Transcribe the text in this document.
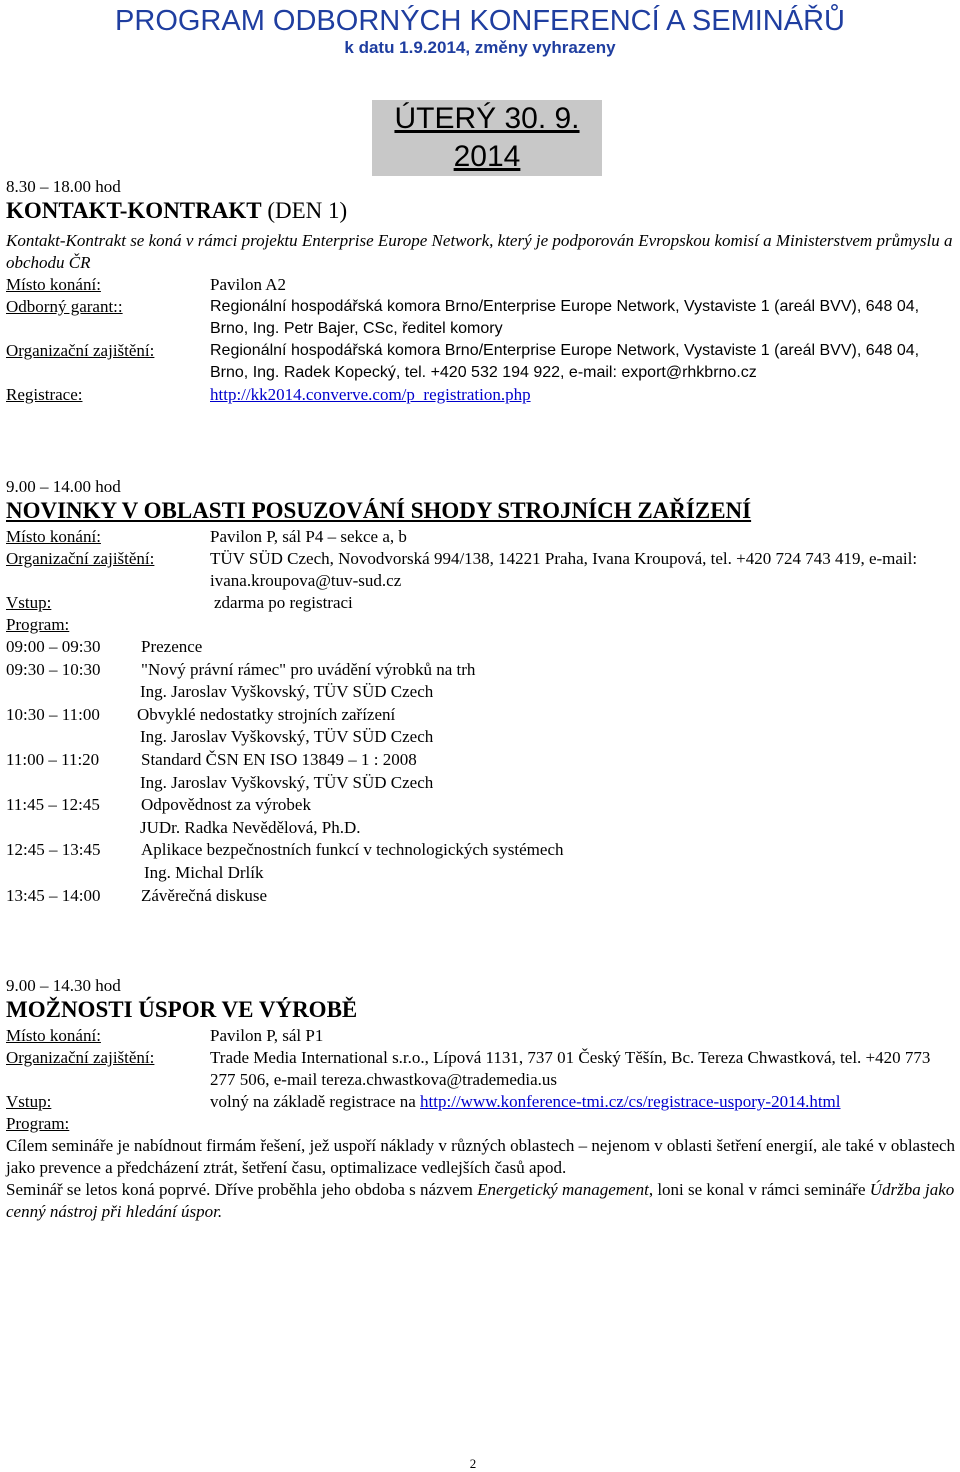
PROGRAM ODBORNÝCH KONFERENCÍ A SEMINÁŘŮ
k datu 1.9.2014, změny vyhrazeny
ÚTERÝ 30. 9. 2014
8.30 – 18.00 hod
KONTAKT-KONTRAKT (DEN 1)
Kontakt-Kontrakt se koná v rámci projektu Enterprise Europe Network, který je podporován Evropskou komisí a Ministerstvem průmyslu a obchodu ČR
Místo konání:	Pavilon A2
Odborný garant::	Regionální hospodářská komora Brno/Enterprise Europe Network, Vystaviste 1 (areál BVV), 648 04, Brno, Ing. Petr Bajer, CSc, ředitel komory
Organizační zajištění:	Regionální hospodářská komora Brno/Enterprise Europe Network, Vystaviste 1 (areál BVV), 648 04, Brno, Ing. Radek Kopecký, tel. +420 532 194 922, e-mail: export@rhkbrno.cz
Registrace:	http://kk2014.converve.com/p_registration.php
9.00 – 14.00 hod
NOVINKY V OBLASTI POSUZOVÁNÍ SHODY STROJNÍCH ZAŘÍZENÍ
Místo konání:	Pavilon P, sál P4 – sekce a, b
Organizační zajištění:	TÜV SÜD Czech, Novodvorská 994/138, 14221 Praha, Ivana Kroupová, tel. +420 724 743 419, e-mail: ivana.kroupova@tuv-sud.cz
Vstup:	zdarma po registraci
Program:
09:00 – 09:30	Prezence
09:30 – 10:30	"Nový právní rámec" pro uvádění výrobků na trh
Ing. Jaroslav Vyškovský, TÜV SÜD Czech
10:30 – 11:00	Obvyklé nedostatky strojních zařízení
Ing. Jaroslav Vyškovský, TÜV SÜD Czech
11:00 – 11:20	Standard ČSN EN ISO 13849 – 1 : 2008
Ing. Jaroslav Vyškovský, TÜV SÜD Czech
11:45 – 12:45	Odpovědnost za výrobek
JUDr. Radka Nevědělová, Ph.D.
12:45 – 13:45	Aplikace bezpečnostních funkcí v technologických systémech
Ing. Michal Drlík
13:45 – 14:00	Závěrečná diskuse
9.00 – 14.30 hod
MOŽNOSTI ÚSPOR VE VÝROBĚ
Místo konání:	Pavilon P, sál P1
Organizační zajištění:	Trade Media International s.r.o., Lípová 1131, 737 01 Český Těšín, Bc. Tereza Chwastková, tel. +420 773 277 506, e-mail tereza.chwastkova@trademedia.us
Vstup:	volný na základě registrace na http://www.konference-tmi.cz/cs/registrace-uspory-2014.html
Program:
Cílem semináře je nabídnout firmám řešení, jež uspoří náklady v různých oblastech – nejenom v oblasti šetření energií, ale také v oblastech jako prevence a předcházení ztrát, šetření času, optimalizace vedlejších časů apod.
Seminář se letos koná poprvé. Dříve proběhla jeho obdoba s názvem Energetický management, loni se konal v rámci semináře Údržba jako cenný nástroj při hledání úspor.
2
